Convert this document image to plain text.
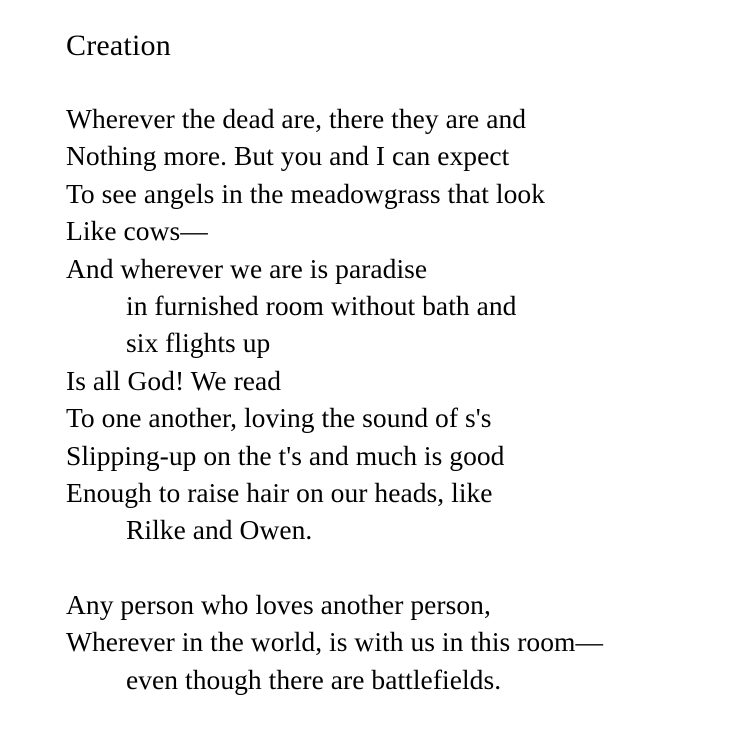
Creation
Wherever the dead are, there they are and
Nothing more. But you and I can expect
To see angels in the meadowgrass that look
Like cows—
And wherever we are is paradise
in furnished room without bath and
six flights up
Is all God! We read
To one another, loving the sound of s's
Slipping-up on the t's and much is good
Enough to raise hair on our heads, like
Rilke and Owen.
Any person who loves another person,
Wherever in the world, is with us in this room—
even though there are battlefields.
